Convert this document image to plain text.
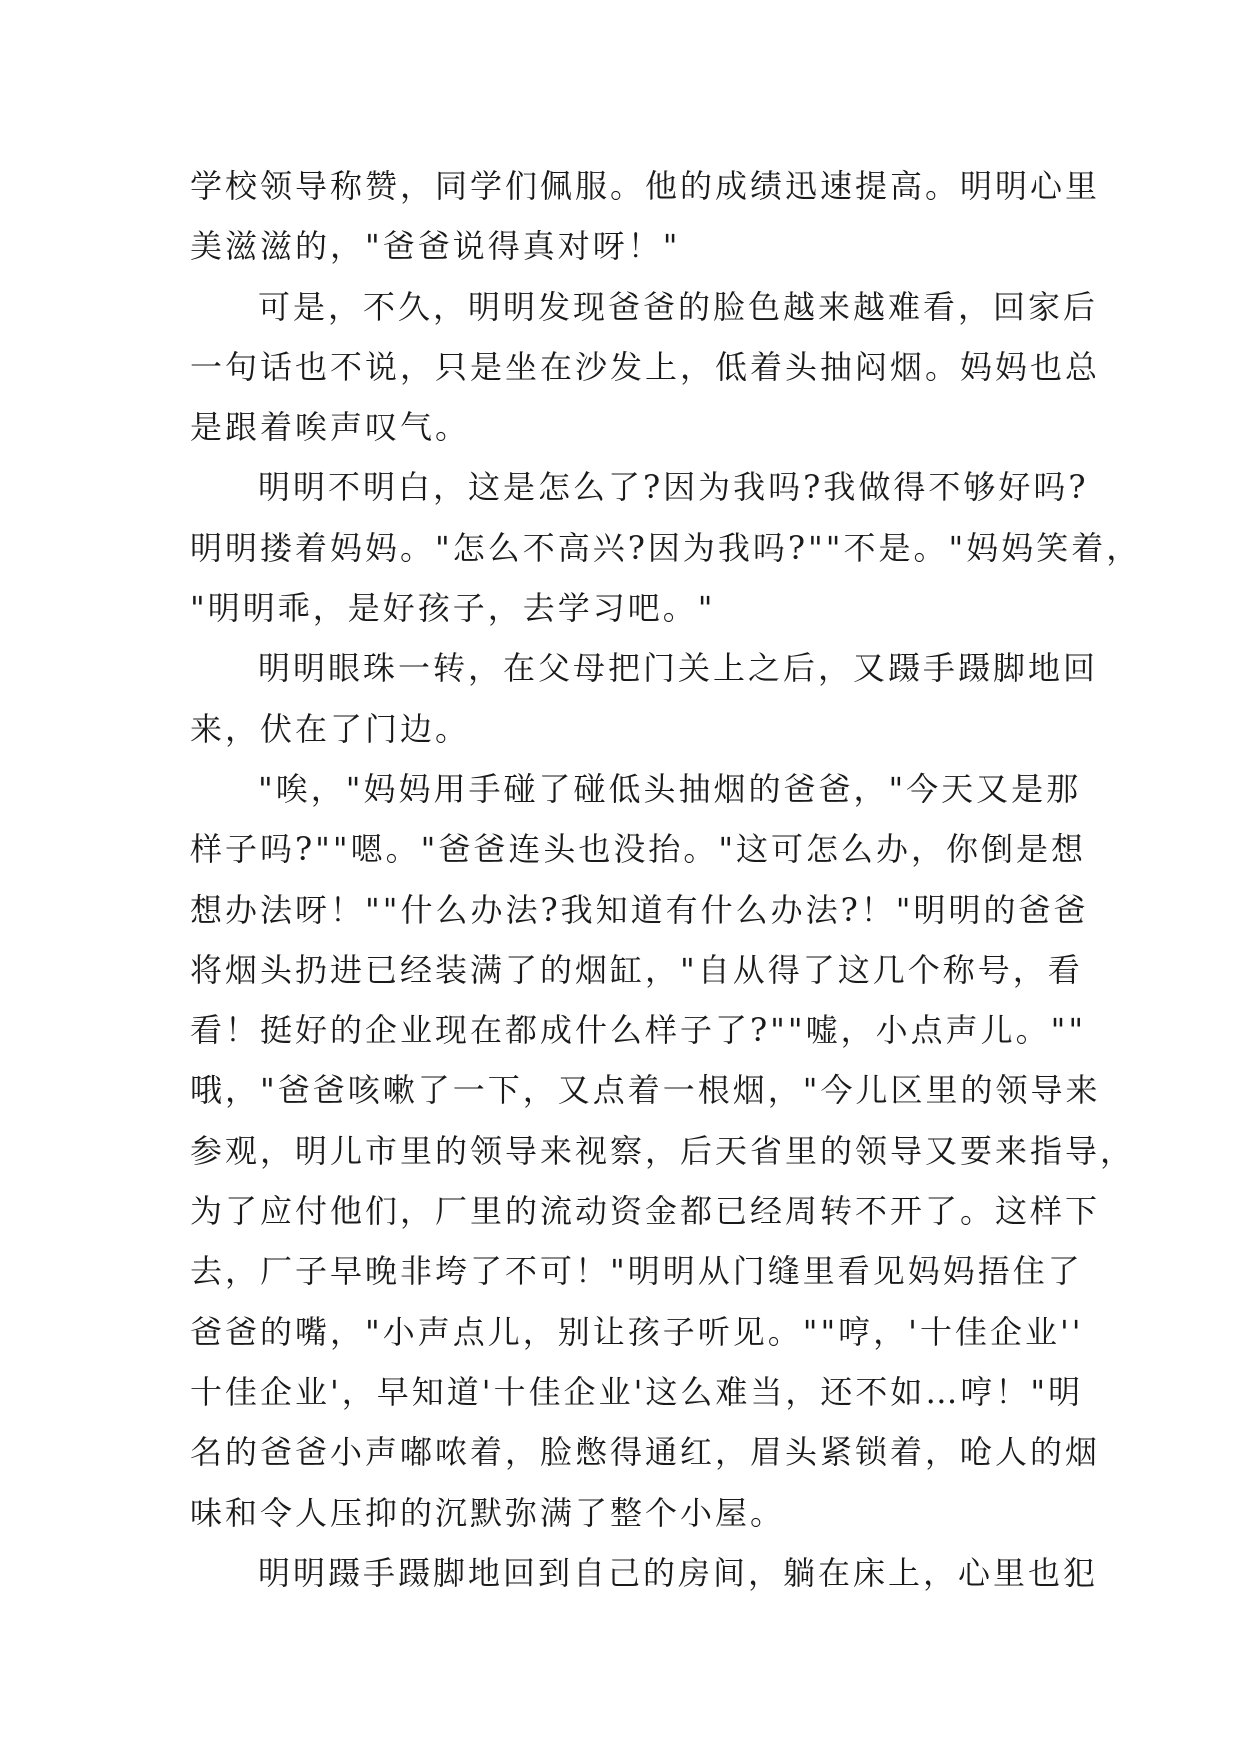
学校领导称赞，同学们佩服。他的成绩迅速提高。明明心里
美滋滋的，"爸爸说得真对呀！"
可是，不久，明明发现爸爸的脸色越来越难看，回家后
一句话也不说，只是坐在沙发上，低着头抽闷烟。妈妈也总
是跟着唉声叹气。
明明不明白，这是怎么了?因为我吗?我做得不够好吗?
明明搂着妈妈。"怎么不高兴?因为我吗?""不是。"妈妈笑着，
"明明乖，是好孩子，去学习吧。"
明明眼珠一转，在父母把门关上之后，又蹑手蹑脚地回
来，伏在了门边。
"唉，"妈妈用手碰了碰低头抽烟的爸爸，"今天又是那
样子吗?""嗯。"爸爸连头也没抬。"这可怎么办，你倒是想
想办法呀！""什么办法?我知道有什么办法?！"明明的爸爸
将烟头扔进已经装满了的烟缸，"自从得了这几个称号，看
看！挺好的企业现在都成什么样子了?""嘘，小点声儿。""
哦，"爸爸咳嗽了一下，又点着一根烟，"今儿区里的领导来
参观，明儿市里的领导来视察，后天省里的领导又要来指导，
为了应付他们，厂里的流动资金都已经周转不开了。这样下
去，厂子早晚非垮了不可！"明明从门缝里看见妈妈捂住了
爸爸的嘴，"小声点儿，别让孩子听见。""哼，'十佳企业''
十佳企业'，早知道'十佳企业'这么难当，还不如…哼！"明
名的爸爸小声嘟哝着，脸憋得通红，眉头紧锁着，呛人的烟
味和令人压抑的沉默弥满了整个小屋。
明明蹑手蹑脚地回到自己的房间，躺在床上，心里也犯
